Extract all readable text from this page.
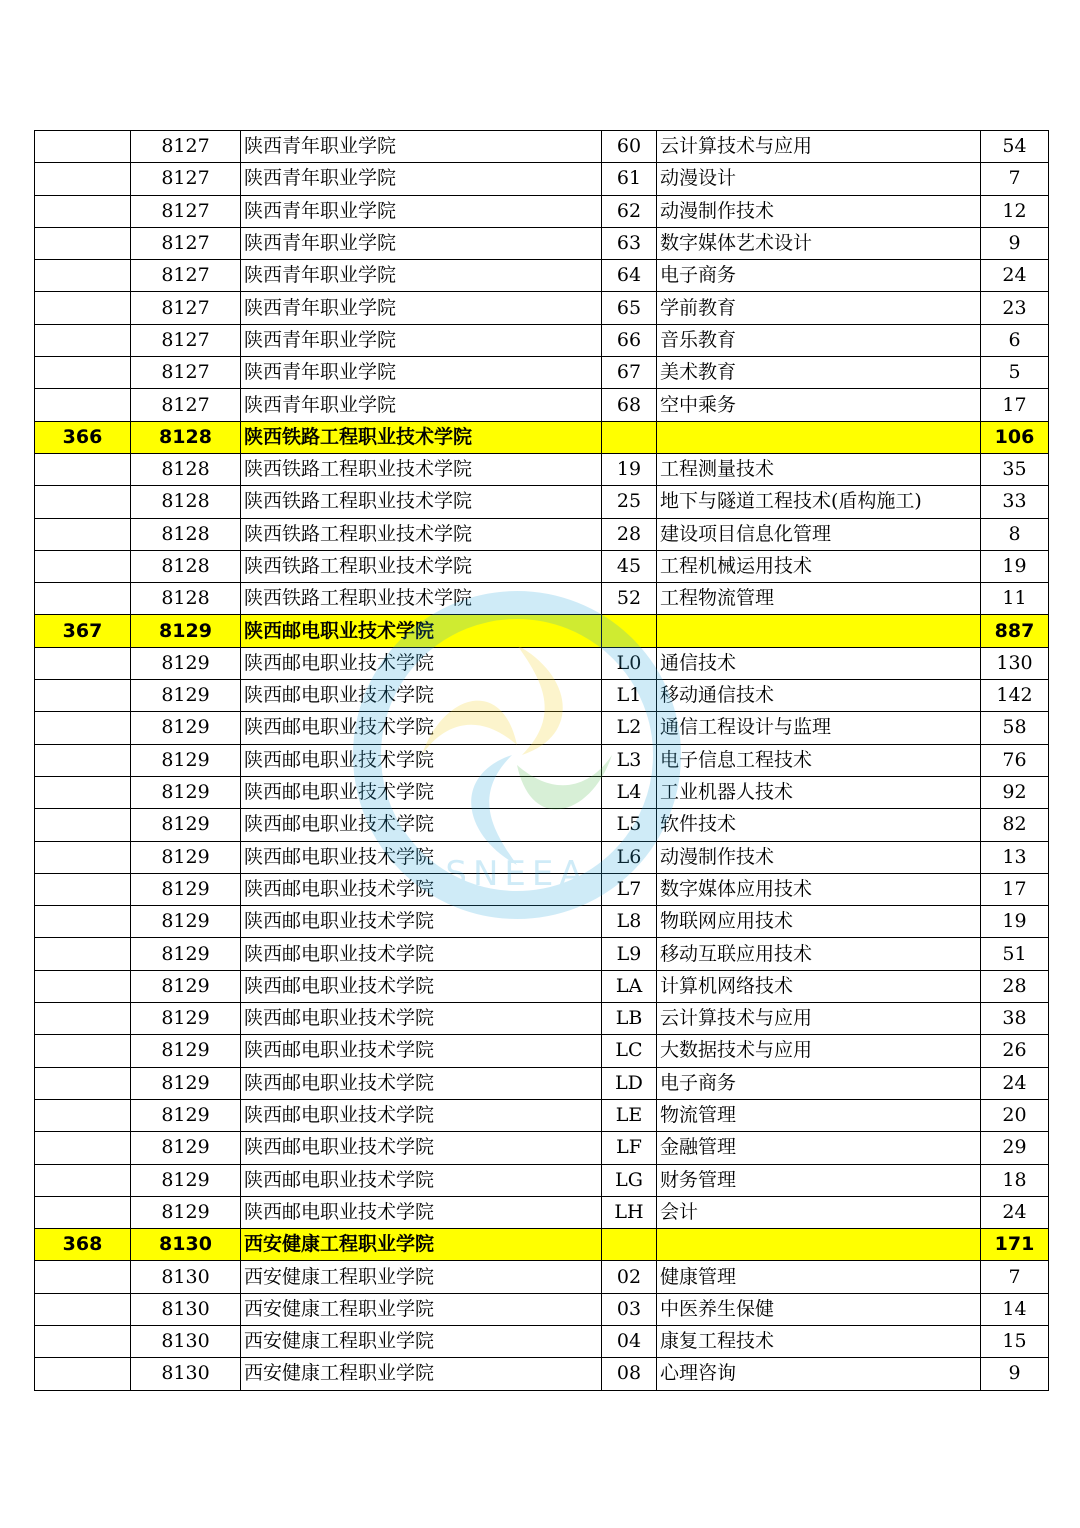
	8127	陕西青年职业学院	60	云计算技术与应用	54
	8127	陕西青年职业学院	61	动漫设计	7
	8127	陕西青年职业学院	62	动漫制作技术	12
	8127	陕西青年职业学院	63	数字媒体艺术设计	9
	8127	陕西青年职业学院	64	电子商务	24
	8127	陕西青年职业学院	65	学前教育	23
	8127	陕西青年职业学院	66	音乐教育	6
	8127	陕西青年职业学院	67	美术教育	5
	8127	陕西青年职业学院	68	空中乘务	17
366	8128	陕西铁路工程职业技术学院			106
	8128	陕西铁路工程职业技术学院	19	工程测量技术	35
	8128	陕西铁路工程职业技术学院	25	地下与隧道工程技术(盾构施工)	33
	8128	陕西铁路工程职业技术学院	28	建设项目信息化管理	8
	8128	陕西铁路工程职业技术学院	45	工程机械运用技术	19
	8128	陕西铁路工程职业技术学院	52	工程物流管理	11
367	8129	陕西邮电职业技术学院			887
	8129	陕西邮电职业技术学院	L0	通信技术	130
	8129	陕西邮电职业技术学院	L1	移动通信技术	142
	8129	陕西邮电职业技术学院	L2	通信工程设计与监理	58
	8129	陕西邮电职业技术学院	L3	电子信息工程技术	76
	8129	陕西邮电职业技术学院	L4	工业机器人技术	92
	8129	陕西邮电职业技术学院	L5	软件技术	82
	8129	陕西邮电职业技术学院	L6	动漫制作技术	13
	8129	陕西邮电职业技术学院	L7	数字媒体应用技术	17
	8129	陕西邮电职业技术学院	L8	物联网应用技术	19
	8129	陕西邮电职业技术学院	L9	移动互联应用技术	51
	8129	陕西邮电职业技术学院	LA	计算机网络技术	28
	8129	陕西邮电职业技术学院	LB	云计算技术与应用	38
	8129	陕西邮电职业技术学院	LC	大数据技术与应用	26
	8129	陕西邮电职业技术学院	LD	电子商务	24
	8129	陕西邮电职业技术学院	LE	物流管理	20
	8129	陕西邮电职业技术学院	LF	金融管理	29
	8129	陕西邮电职业技术学院	LG	财务管理	18
	8129	陕西邮电职业技术学院	LH	会计	24
368	8130	西安健康工程职业学院			171
	8130	西安健康工程职业学院	02	健康管理	7
	8130	西安健康工程职业学院	03	中医养生保健	14
	8130	西安健康工程职业学院	04	康复工程技术	15
	8130	西安健康工程职业学院	08	心理咨询	9
SNEEA
